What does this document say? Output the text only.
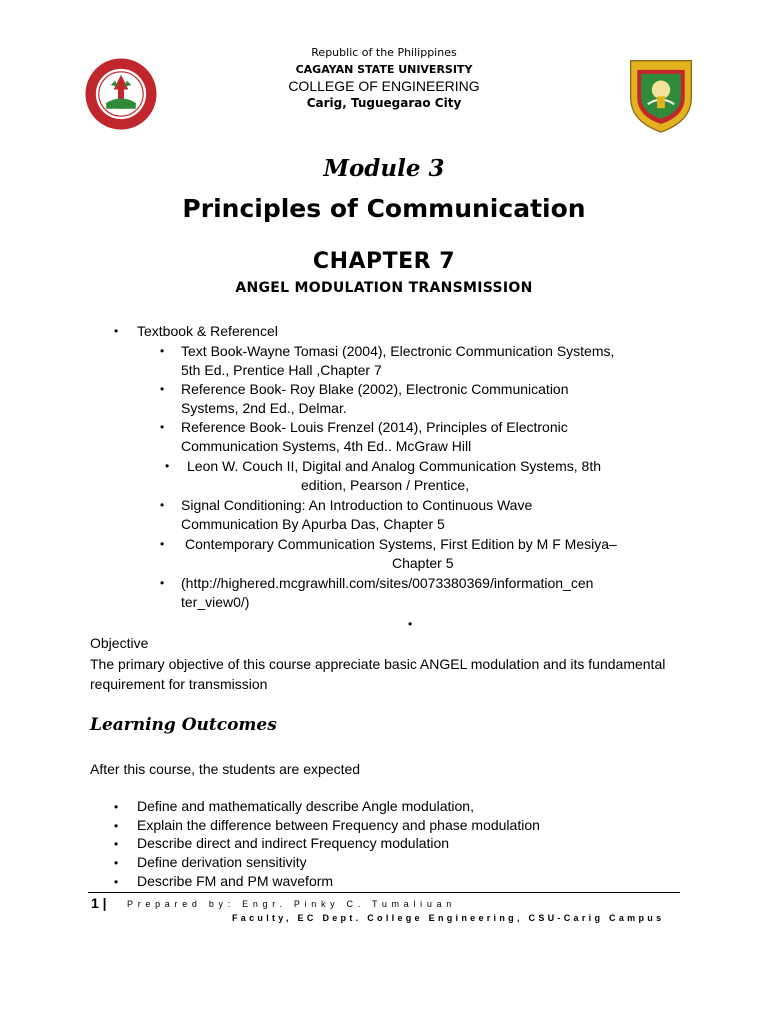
Republic of the Philippines
CAGAYAN STATE UNIVERSITY
COLLEGE OF ENGINEERING
Carig, Tuguegarao City
Module 3
Principles of Communication
CHAPTER 7
ANGEL MODULATION TRANSMISSION
• Textbook & Referencel
• Text Book-Wayne Tomasi (2004), Electronic Communication Systems,
5th Ed., Prentice Hall ,Chapter 7
• Reference Book- Roy Blake (2002), Electronic Communication
Systems, 2nd Ed., Delmar.
• Reference Book- Louis Frenzel (2014), Principles of Electronic
Communication Systems, 4th Ed.. McGraw Hill
• Leon W. Couch II, Digital and Analog Communication Systems, 8th
edition, Pearson / Prentice,
• Signal Conditioning: An Introduction to Continuous Wave
Communication By Apurba Das, Chapter 5
• Contemporary Communication Systems, First Edition by M F Mesiya–
Chapter 5
• (http://highered.mcgrawhill.com/sites/0073380369/information_cen
ter_view0/)
•
Objective
The primary objective of this course appreciate basic ANGEL modulation and its fundamental requirement for transmission
Learning Outcomes
After this course, the students are expected
• Define and mathematically describe Angle modulation,
• Explain the difference between Frequency and phase modulation
• Describe direct and indirect Frequency modulation
• Define derivation sensitivity
• Describe FM and PM waveform
1 | Prepared by: Engr. Pinky C. Tumaliuan
Faculty, EC Dept. College Engineering, CSU-Carig Campus
